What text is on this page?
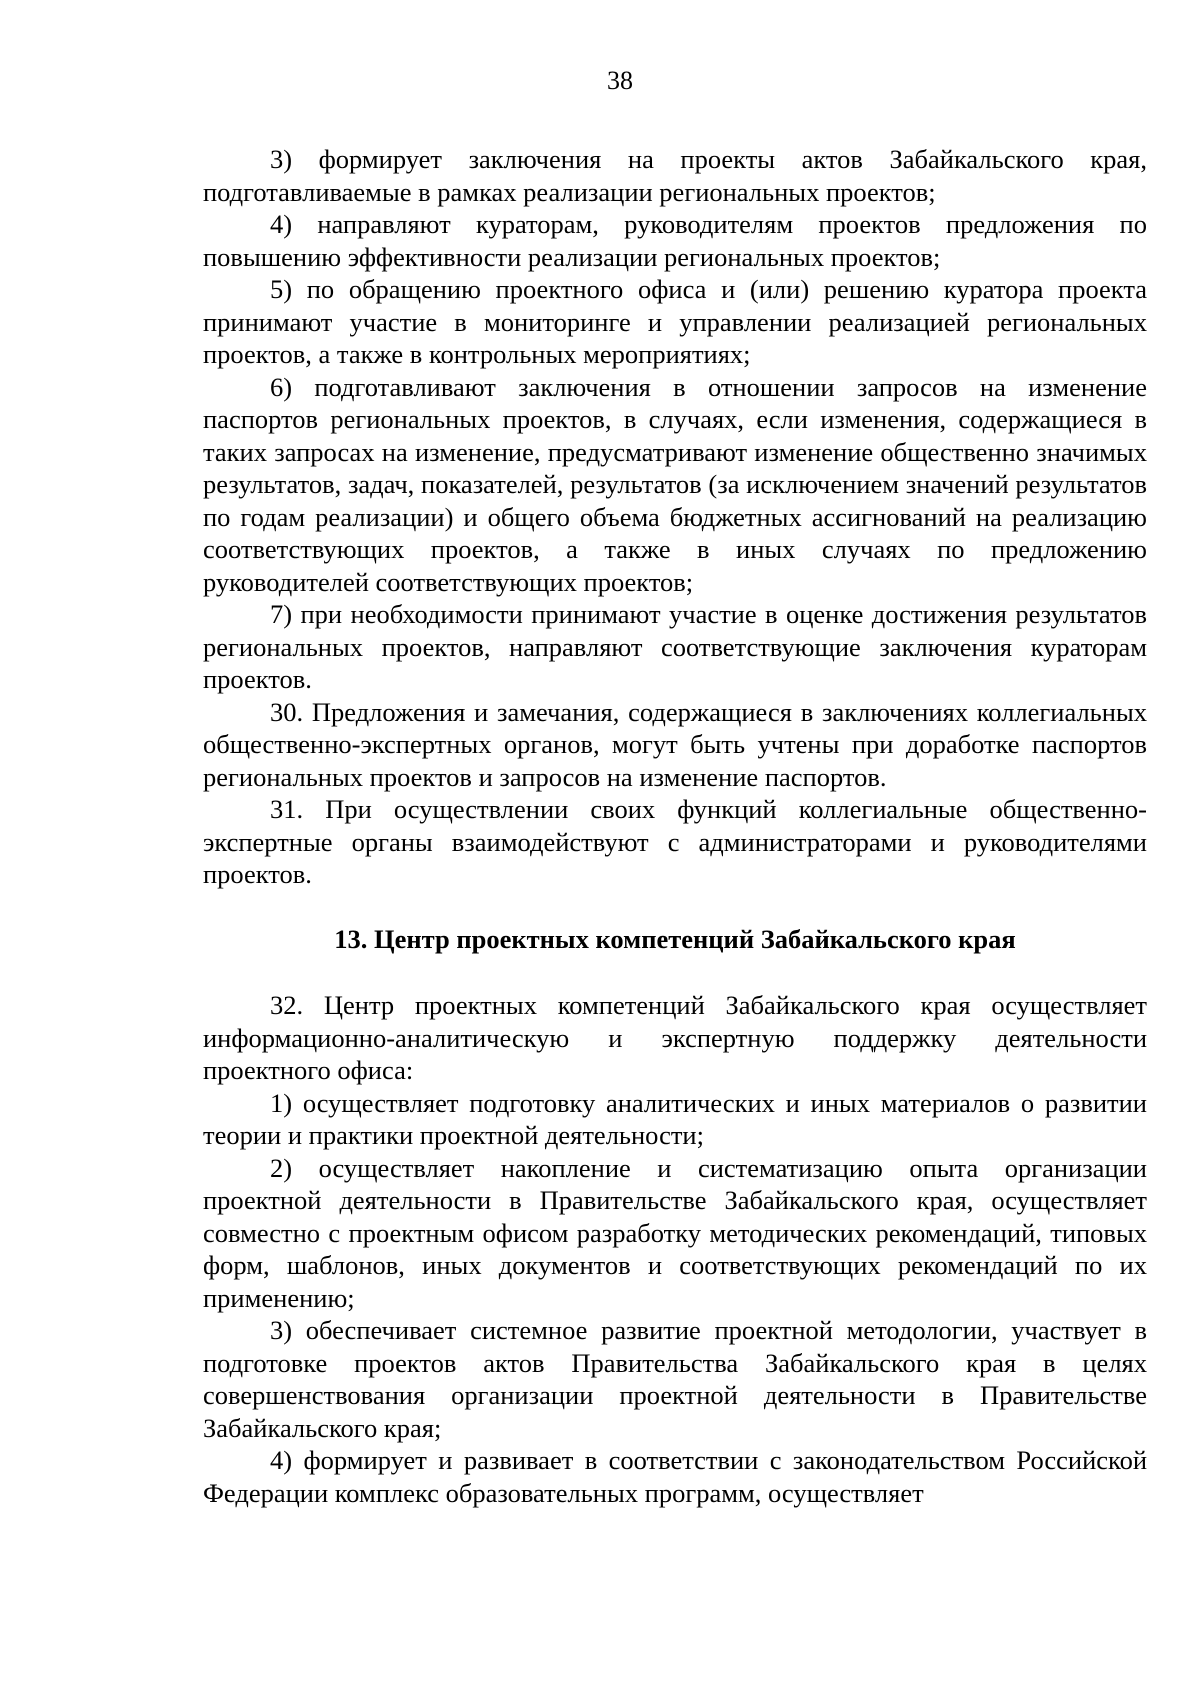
38

3) формирует заключения на проекты актов Забайкальского края, подготавливаемые в рамках реализации региональных проектов;

4) направляют кураторам, руководителям проектов предложения по повышению эффективности реализации региональных проектов;

5) по обращению проектного офиса и (или) решению куратора проекта принимают участие в мониторинге и управлении реализацией региональных проектов, а также в контрольных мероприятиях;

6) подготавливают заключения в отношении запросов на изменение паспортов региональных проектов, в случаях, если изменения, содержащиеся в таких запросах на изменение, предусматривают изменение общественно значимых результатов, задач, показателей, результатов (за исключением значений результатов по годам реализации) и общего объема бюджетных ассигнований на реализацию соответствующих проектов, а также в иных случаях по предложению руководителей соответствующих проектов;

7) при необходимости принимают участие в оценке достижения результатов региональных проектов, направляют соответствующие заключения кураторам проектов.

30. Предложения и замечания, содержащиеся в заключениях коллегиальных общественно-экспертных органов, могут быть учтены при доработке паспортов региональных проектов и запросов на изменение паспортов.

31. При осуществлении своих функций коллегиальные общественно-экспертные органы взаимодействуют с администраторами и руководителями проектов.

13. Центр проектных компетенций Забайкальского края

32. Центр проектных компетенций Забайкальского края осуществляет информационно-аналитическую и экспертную поддержку деятельности проектного офиса:

1) осуществляет подготовку аналитических и иных материалов о развитии теории и практики проектной деятельности;

2) осуществляет накопление и систематизацию опыта организации проектной деятельности в Правительстве Забайкальского края, осуществляет совместно с проектным офисом разработку методических рекомендаций, типовых форм, шаблонов, иных документов и соответствующих рекомендаций по их применению;

3) обеспечивает системное развитие проектной методологии, участвует в подготовке проектов актов Правительства Забайкальского края в целях совершенствования организации проектной деятельности в Правительстве Забайкальского края;

4) формирует и развивает в соответствии с законодательством Российской Федерации комплекс образовательных программ, осуществляет
